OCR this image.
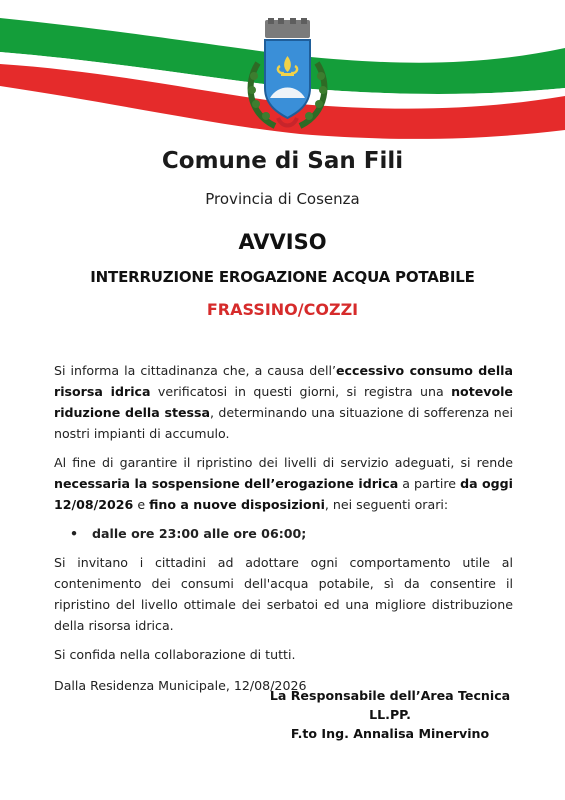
Comune di San Fili
Provincia di Cosenza
AVVISO
INTERRUZIONE EROGAZIONE ACQUA POTABILE
FRASSINO/COZZI

Si informa la cittadinanza che, a causa dell’eccessivo consumo della risorsa idrica verificatosi in questi giorni, si registra una notevole riduzione della stessa, determinando una situazione di sofferenza nei nostri impianti di accumulo.

Al fine di garantire il ripristino dei livelli di servizio adeguati, si rende necessaria la sospensione dell’erogazione idrica a partire da oggi 12/08/2026 e fino a nuove disposizioni, nei seguenti orari:

• dalle ore 23:00 alle ore 06:00;

Si invitano i cittadini ad adottare ogni comportamento utile al contenimento dei consumi dell'acqua potabile, sì da consentire il ripristino del livello ottimale dei serbatoi ed una migliore distribuzione della risorsa idrica.

Si confida nella collaborazione di tutti.

Dalla Residenza Municipale, 12/08/2026

La Responsabile dell’Area Tecnica LL.PP.
F.to Ing. Annalisa Minervino
